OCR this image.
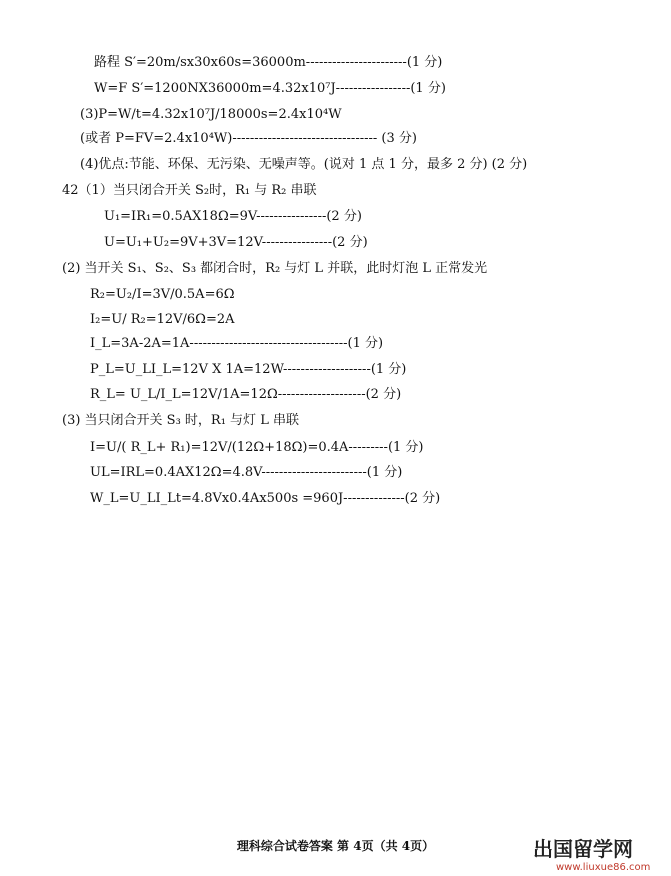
路程 S′=20m/sx30x60s=36000m-----------------------(1 分)
W=F S′=1200NX36000m=4.32x10⁷J-----------------(1 分)
(3)P=W/t=4.32x10⁷J/18000s=2.4x10⁴W
(或者 P=FV=2.4x10⁴W)--------------------------------- (3 分)
(4)优点:节能、环保、无污染、无噪声等。(说对 1 点 1 分，最多 2 分) (2 分)
42（1）当只闭合开关 S₂时，R₁ 与 R₂ 串联
U₁=IR₁=0.5AX18Ω=9V----------------(2 分)
U=U₁+U₂=9V+3V=12V----------------(2 分)
(2) 当开关 S₁、S₂、S₃ 都闭合时，R₂ 与灯 L 并联，此时灯泡 L 正常发光
R₂=U₂/I=3V/0.5A=6Ω
I₂=U/ R₂=12V/6Ω=2A
I_L=3A-2A=1A------------------------------------(1 分)
P_L=U_LI_L=12V X 1A=12W--------------------(1 分)
R_L= U_L/I_L=12V/1A=12Ω--------------------(2 分)
(3) 当只闭合开关 S₃ 时，R₁ 与灯 L 串联
I=U/( R_L+ R₁)=12V/(12Ω+18Ω)=0.4A---------(1 分)
UL=IRL=0.4AX12Ω=4.8V------------------------(1 分)
W_L=U_LI_Lt=4.8Vx0.4Ax500s =960J--------------(2 分)
理科综合试卷答案 第 4页（共 4页）	出国留学网
www.liuxue86.com
